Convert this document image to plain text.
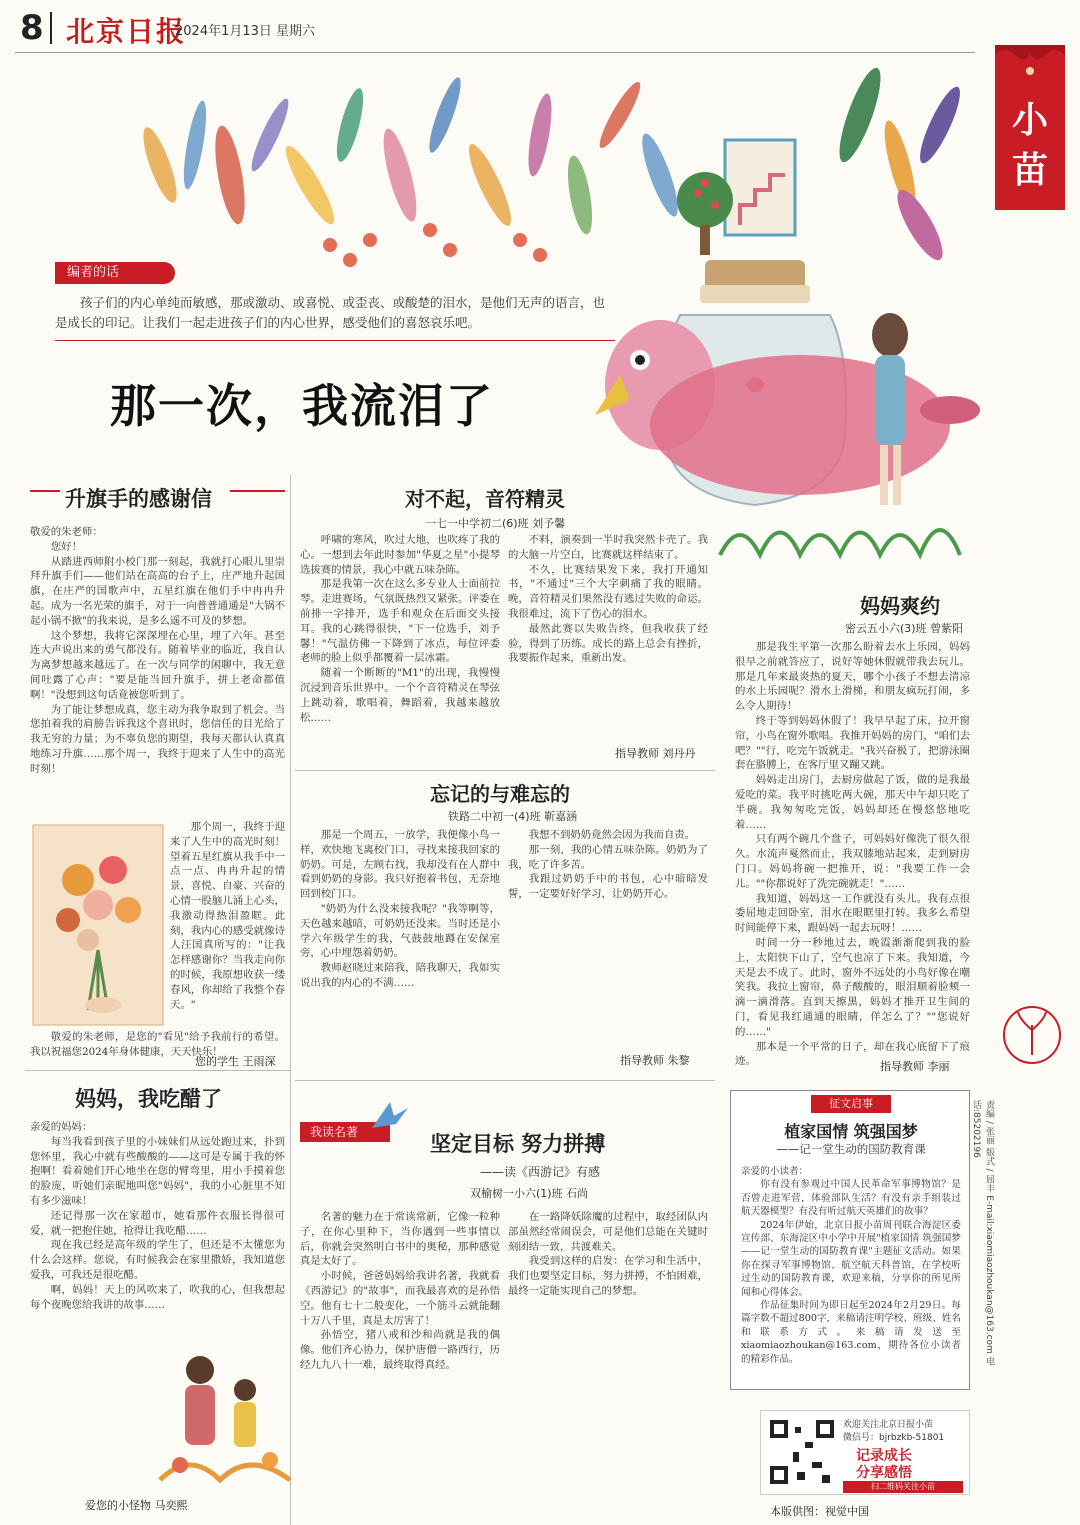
8 北京日报
2024年1月13日 星期六
小苗
编者的话
孩子们的内心单纯而敏感，那或激动、或喜悦、或歪丧、或酸楚的泪水，是他们无声的语言，也是成长的印记。让我们一起走进孩子们的内心世界，感受他们的喜怒哀乐吧。
那一次，我流泪了
升旗手的感谢信
敬爱的朱老师：

您好！

从踏进西师附小校门那一刻起，我就打心眼儿里崇拜升旗手们——他们站在高高的台子上，庄严地升起国旗，在庄严的国歌声中，五星红旗在他们手中冉冉升起。成为一名光荣的旗手，对于一向普普通通是"大锅不起小锅不掀"的我来说，是多么遥不可及的梦想。

这个梦想，我将它深深埋在心里，埋了六年。甚至连大声说出来的勇气都没有。随着毕业的临近，我自认为离梦想越来越远了。在一次与同学的闲聊中，我无意间吐露了心声："要是能当回升旗手，拼上老命都值啊！"没想到这句话竟被您听到了。

为了能让梦想成真，您主动为我争取到了机会。当您拍着我的肩膀告诉我这个喜讯时，您信任的目光给了我无穷的力量；为不辜负您的期望，我每天都认认真真地练习升旗……那个周一，我终于迎来了人生中的高光时刻！

那个周一，我终于迎来了人生中的高光时刻！望着五星红旗从我手中一点一点、冉冉升起的情景，喜悦、自豪、兴奋的心情一股脑儿涌上心头，我激动得热泪盈眶。此刻，我内心的感受就像诗人汪国真所写的："让我怎样感谢你？当我走向你的时候，我原想收获一缕春风，你却给了我整个春天。"

敬爱的朱老师，是您的"看见"给予我前行的希望。我以祝福您2024年身体健康，天天快乐！

您的学生 王雨深
妈妈，我吃醋了
亲爱的妈妈：

每当我看到孩子里的小妹妹们从远处跑过来，扑到您怀里，我心中就有些酸酸的——这可是专属于我的怀抱啊！看着她们开心地坐在您的臂弯里，用小手摸着您的脸庞，听她们亲昵地叫您"妈妈"，我的小心脏里不知有多少滋味！

还记得那一次在家超市，她看那件衣服长得很可爱，就一把抱住她，抢得让我吃醋……

现在我已经是高年级的学生了，但还是不太懂您为什么会这样。您说，有时候我会在家里撒娇，我知道您爱我，可我还是很吃醋。

啊，妈妈！天上的风吹来了，吹我的心，但我想起每个夜晚您给我讲的故事……

爱您的小怪物 马奕熙
对不起，音符精灵
一七一中学初二(6)班 刘予馨

呼啸的寒风，吹过大地，也吹疼了我的心。一想到去年此时参加"华夏之星"小提琴选拔赛的情景，我心中就五味杂陈。

那是我第一次在这么多专业人士面前拉琴。走进赛场，气氛既热烈又紧张。评委在前排一字排开，选手和观众在后面交头接耳。我的心跳得很快，"下一位选手，刘予馨！"气温仿佛一下降到了冰点，每位评委老师的脸上似乎都覆着一层冰霜。

随着一个断断的"M1"的出现，我慢慢沉浸到音乐世界中。一个个音符精灵在琴弦上跳动着，歌唱着，舞蹈着，我越来越放松……

不料，演奏到一半时我突然卡壳了。我的大脑一片空白，比赛就这样结束了。

不久，比赛结果发下来，我打开通知书，"不通过"三个大字刺痛了我的眼睛。晚，音符精灵们果然没有逃过失败的命运。我很难过，流下了伤心的泪水。

最然此赛以失败告终，但我收获了经验，得到了历练。成长的路上总会有挫折，我要振作起来，重新出发。

指导教师 刘丹丹
忘记的与难忘的
铁路二中初一(4)班 靳嘉涵

那是一个周五，一放学，我便像小鸟一样，欢快地飞离校门口，寻找来接我回家的奶奶。可是，左顾右找，我却没有在人群中看到奶奶的身影。我只好抱着书包，无奈地回到校门口。

"奶奶为什么没来接我呢？"我等啊等，天色越来越暗，可奶奶还没来。当时还是小学六年级学生的我，气鼓鼓地蹲在安保室旁，心中埋怨着奶奶。

教师赵晓过来陪我，陪我聊天，我如实说出我的内心的不满……

我想不到奶奶竟然会因为我而自责。

那一刻，我的心情五味杂陈。奶奶为了我，吃了许多苦。

我跟过奶奶手中的书包，心中暗暗发誓，一定要好好学习，让奶奶开心。

指导教师 朱黎
我读名著	坚定目标 努力拼搏
——读《西游记》有感
双榆树一小六(1)班 石尚

名著的魅力在于常读常新，它像一粒种子，在你心里种下，当你遇到一些事情以后，你就会突然明白书中的奥秘，那种感觉真是太好了。

小时候，爸爸妈妈给我讲名著，我就看《西游记》的"故事"，而我最喜欢的是孙悟空。他有七十二般变化，一个筋斗云就能翻十万八千里，真是太厉害了！

孙悟空，猪八戒和沙和尚就是我的偶像。他们齐心协力，保护唐僧一路西行，历经九九八十一难，最终取得真经。

在一路降妖除魔的过程中，取经团队内部虽然经常闹误会，可是他们总能在关键时刻团结一致，共渡难关。

我受到这样的启发：在学习和生活中，我们也要坚定目标，努力拼搏，不怕困难，最终一定能实现自己的梦想。

妈妈爽约
密云五小六(3)班 曾紫阳

那是我生平第一次那么盼着去水上乐园，妈妈很早之前就答应了，说好等她休假就带我去玩儿。那是几年来最炎热的夏天，哪个小孩子不想去清凉的水上乐园呢？滑水上滑梯，和朋友疯玩打闹，多么令人期待！

终于等到妈妈休假了！我早早起了床，拉开窗帘，小鸟在窗外歌唱。我推开妈妈的房门，"咱们去吧？""行，吃完午饭就走。"我兴奋极了，把游泳圈套在胳膊上，在客厅里又蹦又跳。

妈妈走出房门，去厨房做起了饭，做的是我最爱吃的菜。我平时挑吃两大碗，那天中午却只吃了半碗。我匆匆吃完饭，妈妈却还在慢悠悠地吃着……

只有两个碗几个盘子，可妈妈好像洗了很久很久。水流声戛然而止，我双膝地站起来，走到厨房门口。妈妈将碗一把推开，说："我要工作一会儿。""你都说好了洗完碗就走！"……

我知道，妈妈这一工作就没有头儿。我有点很委屈地走回卧室，泪水在眼眶里打转。我多么希望时间能停下来，跟妈妈一起去玩呀！……

时间一分一秒地过去，晚霞渐渐爬到我的脸上，太阳快下山了，空气也凉了下来。我知道，今天是去不成了。此时，窗外不远处的小鸟好像在嘲笑我。我拉上窗帘，鼻子酸酸的，眼泪顺着脸颊一滴一滴滑落。直到天擦黑，妈妈才推开卫生间的门，看见我红通通的眼睛，佯怎么了？""您说好的……"

那本是一个平常的日子，却在我心底留下了痕迹。	指导教师 李丽
征文启事
植家国情 筑强国梦
——记一堂生动的国防教育课
亲爱的小读者：

你有没有参观过中国人民革命军事博物馆？是否曾走进军营，体验部队生活？有没有亲手组装过航天器模型？有没有听过航天英雄们的故事？

2024年伊始，北京日报小苗周刊联合海淀区委宣传部、东海淀区中小学中开展"植家国情 筑强国梦——记一堂生动的国防教育课"主题征文活动。如果你在探寻军事博物馆、航空航天科普馆，在学校听过生动的国防教育课，欢迎来稿，分享你的所见所闻和心得体会。

作品征集时间为即日起至2024年2月29日。每篇字数不超过800字，来稿请注明学校、班级、姓名和联系方式。来稿请发送至xiaomiaozhoukan@163.com，期待各位小读者的精彩作品。	责编 / 张丽 版式 / 屈丰 E-mail:xiaomiaozhoukan@163.com 电话:85202196
欢迎关注北京日报小苗
微信号：bjrbzkb-51801
记录成长
分享感悟
扫二维码关注小苗
本版供图：视觉中国
